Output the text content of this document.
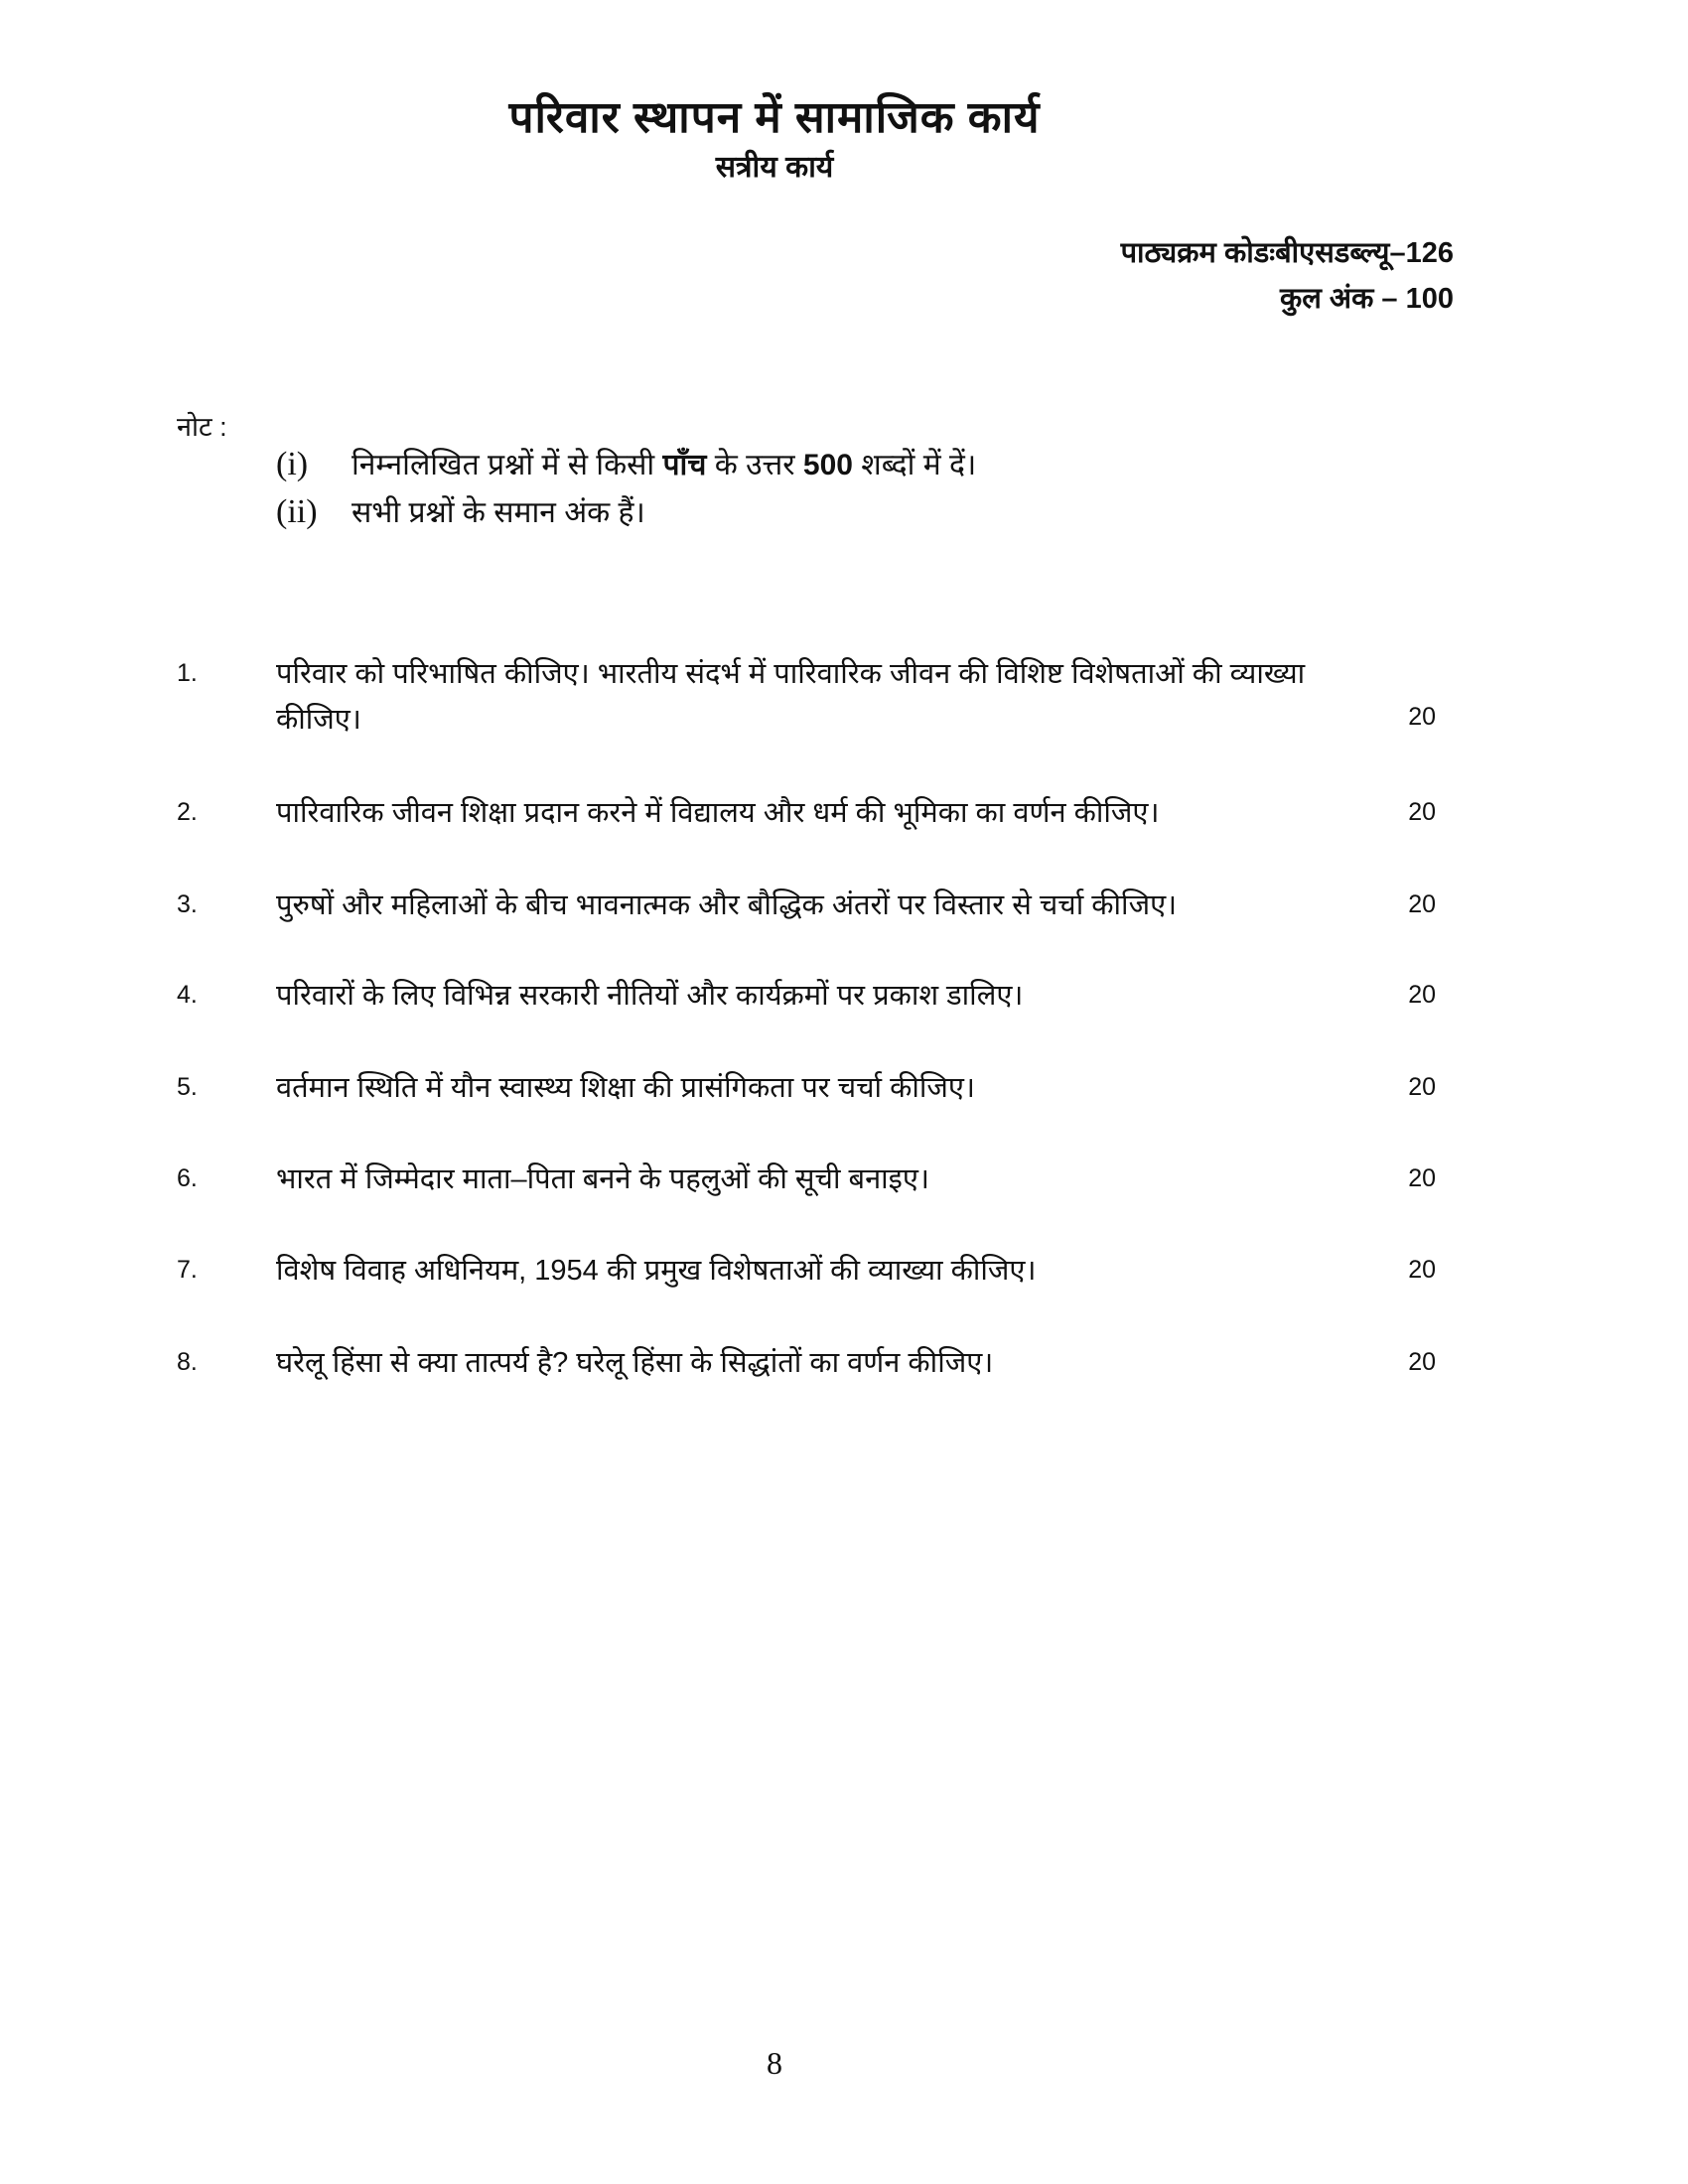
परिवार स्थापन में सामाजिक कार्य
सत्रीय कार्य
पाठ्यक्रम कोडःबीएसडब्ल्यू–126
कुल अंक – 100
नोट :
(i)	निम्नलिखित प्रश्नों में से किसी पाँच के उत्तर 500 शब्दों में दें।
(ii)	सभी प्रश्नों के समान अंक हैं।
1.	परिवार को परिभाषित कीजिए। भारतीय संदर्भ में पारिवारिक जीवन की विशिष्ट विशेषताओं की व्याख्या कीजिए।	20
2.	पारिवारिक जीवन शिक्षा प्रदान करने में विद्यालय और धर्म की भूमिका का वर्णन कीजिए।	20
3.	पुरुषों और महिलाओं के बीच भावनात्मक और बौद्धिक अंतरों पर विस्तार से चर्चा कीजिए।	20
4.	परिवारों के लिए विभिन्न सरकारी नीतियों और कार्यक्रमों पर प्रकाश डालिए।	20
5.	वर्तमान स्थिति में यौन स्वास्थ्य शिक्षा की प्रासंगिकता पर चर्चा कीजिए।	20
6.	भारत में जिम्मेदार माता–पिता बनने के पहलुओं की सूची बनाइए।	20
7.	विशेष विवाह अधिनियम, 1954 की प्रमुख विशेषताओं की व्याख्या कीजिए।	20
8.	घरेलू हिंसा से क्या तात्पर्य है? घरेलू हिंसा के सिद्धांतों का वर्णन कीजिए।	20
8
